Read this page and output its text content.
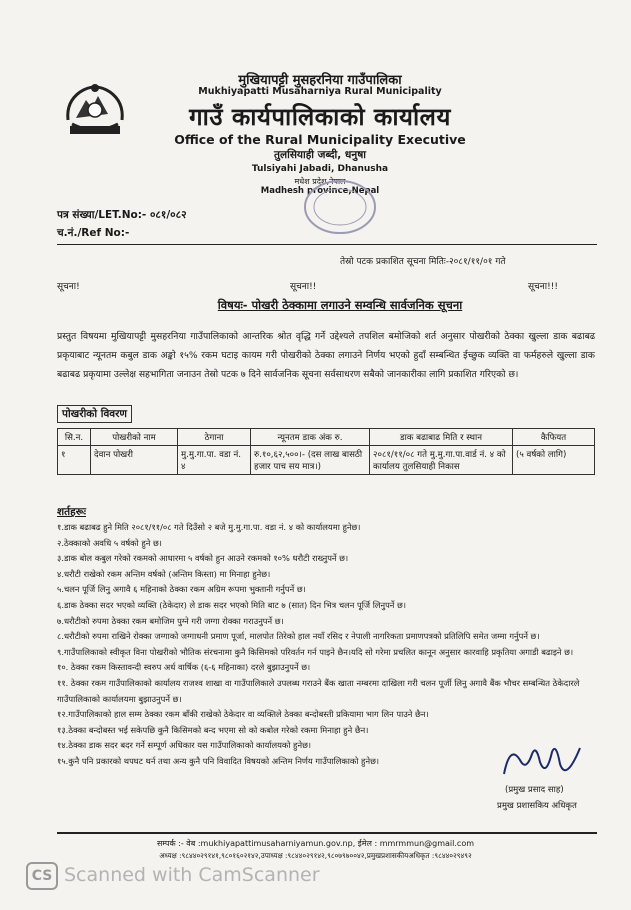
मुखियापट्टी मुसहरनिया गाउँपालिका
Mukhiyapatti Musaharniya Rural Municipality
गाउँ कार्यपालिकाको कार्यालय
Office of the Rural Municipality Executive
तुलसियाही जब्दी, धनुषा
Tulsiyahi Jabadi, Dhanusha
मधेश प्रदेश,नेपाल
Madhesh province,Nepal
पत्र संख्या/LET.No:- ०८१/०८२
च.नं./Ref No:-
तेस्रो पटक प्रकाशित सूचना मितिः-२०८१/११/०१ गते
सूचना!	सूचना!!	सूचना!!!
विषयः- पोखरी ठेक्कामा लगाउने सम्वन्धि सार्वजनिक सूचना

प्रस्तुत विषयमा मुखियापट्टी मुसहरनिया गाउँपालिकाको आन्तरिक श्रोत वृद्धि गर्ने उद्देश्यले तपशिल बमोजिको शर्त अनुसार पोखरीको ठेक्का खुल्ला डाक बढाबढ प्रकृयाबाट न्यूनतम कबुल डाक अङ्को १५% रकम घटाइ कायम गरी पोखरीको ठेक्का लगाउने निर्णय भएको हुदाँ सम्बन्धित ईच्छुक व्यक्ति वा फर्महरुले खुल्ला डाक बढाबढ प्रकृयामा उल्लेक्ष सहभागिता जनाउन तेस्रो पटक ७ दिने सार्वजनिक सूचना सर्वसाधरण सबैको जानकारीका लागि प्रकाशित गरिएको छ।

पोखरीको विवरण
सि.न.	पोखरीको नाम	ठेगाना	न्यूनतम डाक अंक रु.	डाक बढाबाढ मिति र स्थान	कैफियत
१	देवान पोखरी	मु.मु.गा.पा. वडा नं. ४	रु.१०,६२,५००।- (दस लाख बासठी हजार पाच सय मात्र।)	२०८१/११/०८ गते मु.मु.गा.पा.वार्ड नं. ४ को कार्यालय तुलसियाही निकास	(५ वर्षको लागि)
शर्तहरूः
१.डाक बढाबढ हुने मिति २०८१/११/०८ गते दिउँसो २ बजे मु.मु.गा.पा. वडा नं. ४ को कार्यालयमा हुनेछ।
२.ठेक्काको अवधि ५ वर्षको हुने छ।
३.डाक बोल कबुल गरेको रकमको आधारमा ५ वर्षको हुन आउने रकमको १०% धरौटी राख्नुपर्ने छ।
४.धरौटी राखेको रकम अन्तिम वर्षको (अन्तिम किस्ता) मा मिनाहा हुनेछ।
५.चलन पूर्जि लिनु अगावै ६ महिनाको ठेक्का रकम अग्रिम रूपमा भुक्तानी गर्नुपर्ने छ।
६.डाक ठेक्का सदर भएको व्यक्ति (ठेकेदार) ले डाक सदर भएको मिति बाट ७ (सात) दिन भित्र चलन पूर्जि लिनुपर्ने छ।
७.धरौटीको रुपमा ठेक्का रकम बमोजिम पुग्ने गरी जग्गा रोक्का गराउनुपर्ने छ।
८.धरौटीको रुपमा राखिने रोक्का जग्गाको जग्गाधनी प्रमाण पूर्जा, मालपोत तिरेको हाल नयाँ रसिद र नेपाली नागरिकता प्रमाणपत्रको प्रतिलिपि समेत जम्मा गर्नुपर्ने छ।
९.गाउँपालिकाको स्वीकृत विना पोखरीको भौतिक संरचनामा कुनै किसिमको परिवर्तन गर्न पाइने छैन।यदि सो गरेमा प्रचलित कानून अनुसार कारवाहि प्रकृतिया अगाडी बढाइने छ।
१०. ठेक्का रकम किस्तावन्दी स्वरुप अर्ध वार्षिक (६-६ महिनाका) दरले बुझाउनुपर्ने छ।
११. ठेक्का रकम गाउँपालिकाको कार्यालय राजश्व शाखा वा गाउँपालिकाले उपलब्ध गराउने बैंक खाता नम्बरमा दाखिला गरी चलन पूर्जी लिनु अगावै बैंक भौचर सम्बन्धित ठेकेदारले गाउँपालिकाको कार्यालयमा बुझाउनुपर्ने छ।
१२.गाउँपालिकाको हाल सम्म ठेक्का रकम बाँकी राखेको ठेकेदार वा व्यक्तिले ठेक्का बन्दोबस्ती प्रकियामा भाग लिन पाउने छैन।
१३.ठेक्का बन्दोबस्त भई सकेपछि कुनै किसिमको बन्द भएमा सो को कबोल गरेको रकमा मिनाहा हुने छैन।
१४.ठेक्का डाक सदर बदर गर्ने सम्पूर्ण अधिकार यस गाउँपालिकाको कार्यालयको हुनेछ।
१५.कुनै पनि प्रकारको थपघट थर्न तथा अन्य कुनै पनि विवादित विषयको अन्तिम निर्णय गाउँपालिकाको हुनेछ।
(प्रमुख प्रसाद साह)
प्रमुख प्रशासकिय अधिकृत
सम्पर्क :- वेब :mukhiyapattimusaharniyamun.gov.np, ईमेल : mmrmmun@gmail.com
अध्यक्ष :९८४४०२९१४१,९८०१६०२१४२,उपाध्यक्ष :९८४४०२९१४२,९८०७९७००४२,प्रमुखप्रशासकीयअधिकृत :९८४४०२९४९२
CS Scanned with CamScanner
